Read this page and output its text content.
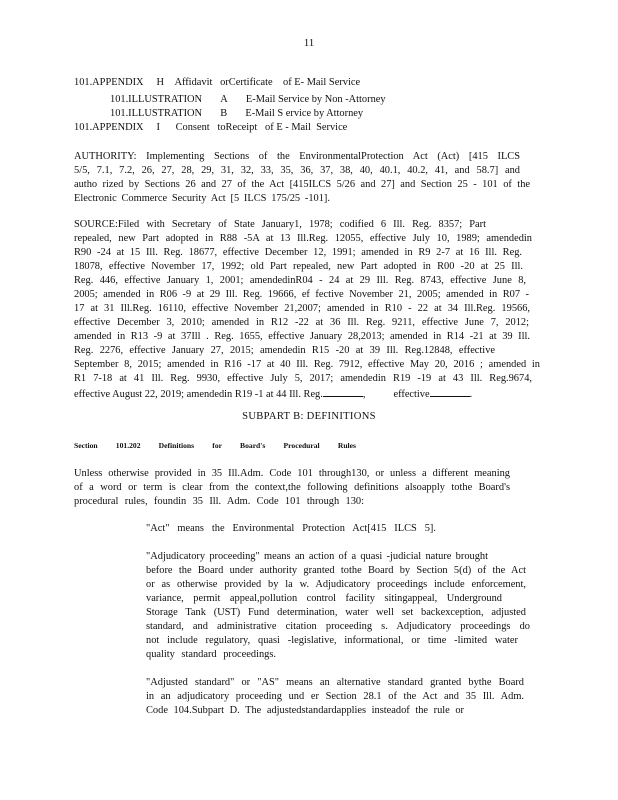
11
101.APPENDIX     H    Affidavit   orCertificate    of E- Mail Service
101.ILLUSTRATION       A       E-Mail Service by Non -Attorney
101.ILLUSTRATION       B       E-Mail S ervice by Attorney
101.APPENDIX     I      Consent   toReceipt   of E - Mail  Service
AUTHORITY: Implementing Sections of the EnvironmentalProtection Act (Act) [415 ILCS
5/5, 7.1, 7.2, 26, 27, 28, 29, 31, 32, 33, 35, 36, 37, 38, 40, 40.1, 40.2, 41, and 58.7] and
autho rized by Sections 26 and 27 of the Act [415ILCS 5/26 and 27] and Section 25 - 101 of the
Electronic Commerce Security Act [5 ILCS 175/25 -101].
SOURCE:Filed with Secretary of State January1, 1978; codified 6 Ill. Reg. 8357; Part
repealed, new Part adopted in R88 -5A at 13 Ill.Reg. 12055, effective July 10, 1989; amendedin
R90 -24 at 15 Ill. Reg. 18677, effective December 12, 1991; amended in R9 2-7 at 16 Ill. Reg.
18078, effective November 17, 1992; old Part repealed, new Part adopted in R00 -20 at 25 Ill.
Reg. 446, effective January 1, 2001; amendedinR04 - 24 at 29 Ill. Reg. 8743, effective June 8,
2005; amended in R06 -9 at 29 Ill. Reg. 19666, ef fective November 21, 2005; amended in R07 -
17 at 31 Ill.Reg. 16110, effective November 21,2007; amended in R10 - 22 at 34 Ill.Reg. 19566,
effective December 3, 2010; amended in R12 -22 at 36 Ill. Reg. 9211, effective June 7, 2012;
amended in R13 -9 at 37Ill . Reg. 1655, effective January 28,2013; amended in R14 -21 at 39 Ill.
Reg. 2276, effective January 27, 2015; amendedin R15 -20 at 39 Ill. Reg.12848, effective
September 8, 2015; amended in R16 -17 at 40 Ill. Reg. 7912, effective May 20, 2016 ; amended in
R1 7-18 at 41 Ill. Reg. 9930, effective July 5, 2017; amendedin R19 -19 at 43 Ill. Reg.9674,
effective August 22, 2019; amendedin R19 -1 at 44 Ill. Reg.	,	effective	.
SUBPART B: DEFINITIONS
Section 101.202 Definitions for Board's Procedural Rules
Unless otherwise provided in 35 Ill.Adm. Code 101 through130, or unless a different meaning
of a word or term is clear from the context,the following definitions alsoapply tothe Board's
procedural rules, foundin 35 Ill. Adm. Code 101 through 130:
"Act" means the Environmental Protection Act[415 ILCS 5].
"Adjudicatory proceeding" means an action of a quasi -judicial nature brought
before the Board under authority granted tothe Board by Section 5(d) of the Act
or as otherwise provided by la w. Adjudicatory proceedings include enforcement,
variance, permit appeal,pollution control facility sitingappeal, Underground
Storage Tank (UST) Fund determination, water well set backexception, adjusted
standard, and administrative citation proceeding s. Adjudicatory proceedings do
not include regulatory, quasi -legislative, informational, or time -limited water
quality standard proceedings.
"Adjusted standard" or "AS" means an alternative standard granted bythe Board
in an adjudicatory proceeding und er Section 28.1 of the Act and 35 Ill. Adm.
Code 104.Subpart D. The adjustedstandardapplies insteadof the rule or
